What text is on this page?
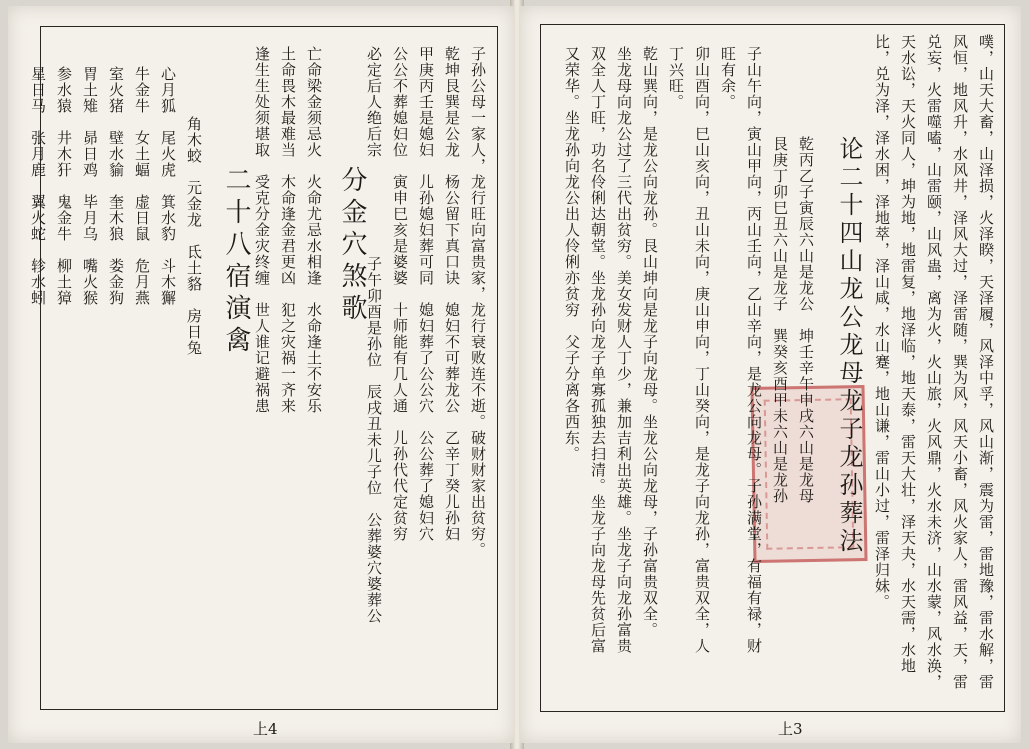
子孙公母一家人，龙行旺向富贵家，龙行衰败连不逝。破财财家出贫穷。
乾坤艮巽是公龙　杨公留下真口诀　媳妇不可葬龙公　乙辛丁癸儿孙妇
甲庚丙壬是媳妇　儿孙媳妇葬可同　媳妇葬了公公穴　公公葬了媳妇穴
公公不葬媳妇位　寅申巳亥是婆婆　十师能有几人通　儿孙代代定贫穷
必定后人绝后宗
子午卯酉是孙位　辰戌丑未儿子位　公葬婆穴婆葬公
分金穴煞歌
亡命梁金须忌火　火命尤忌水相逢　水命逢土不安乐
土命畏木最难当　木命逢金君更凶　犯之灾祸一齐来
逢生生处须堪取　受克分金灾终缠　世人谁记避祸患
二十八宿演禽
角木蛟　元金龙　氐土貉　房日兔
心月狐　尾火虎　箕水豹　斗木獬
牛金牛　女土蝠　虚日鼠　危月燕
室火猪　壁水貐　奎木狼　娄金狗
胃土雉　昴日鸡　毕月乌　嘴火猴
参水猿　井木犴　鬼金牛　柳土獐
星日马　张月鹿　翼火蛇　轸水蚓
上4
噗，山天大畜，山泽损，火泽睽，天泽履，风泽中孚，风山渐，震为雷，雷地豫，雷水解，雷
风恒，地风升，水风井，泽风大过，泽雷随，巽为风，风天小畜，风火家人，雷风益，天，雷
兑妄，火雷噬嗑，山雷颐，山风蛊，离为火，火山旅，火风鼎，火水未济，山水蒙，风水涣，
天水讼，天火同人，坤为地，地雷复，地泽临，地天泰，雷天大壮，泽天夬，水天需，水地
比，兑为泽，泽水困，泽地萃，泽山咸，水山蹇，地山谦，雷山小过，雷泽归妹。
论二十四山龙公龙母龙子龙孙葬法
乾丙乙子寅辰六山是龙公　坤壬辛午申戌六山是龙母
艮庚丁卯巳丑六山是龙子　巽癸亥酉甲未六山是龙孙
子山午向，寅山甲向，丙山壬向，乙山辛向，是龙公向龙母。子孙满堂，有福有禄，财
旺有余。
卯山酉向，巳山亥向，丑山未向，庚山申向，丁山癸向，是龙子向龙孙，富贵双全，人
丁兴旺。
乾山巽向，是龙公向龙孙。艮山坤向是龙子向龙母。坐龙公向龙母，子孙富贵双全。
坐龙母向龙公过了三代出贫穷。美女发财人丁少，兼加吉利出英雄。坐龙子向龙孙富贵
双全人丁旺，功名伶俐达朝堂。坐龙孙向龙子单寡孤独去扫清。坐龙子向龙母先贫后富
又荣华。坐龙孙向龙公出人伶俐亦贫穷　父子分离各西东。
上3
